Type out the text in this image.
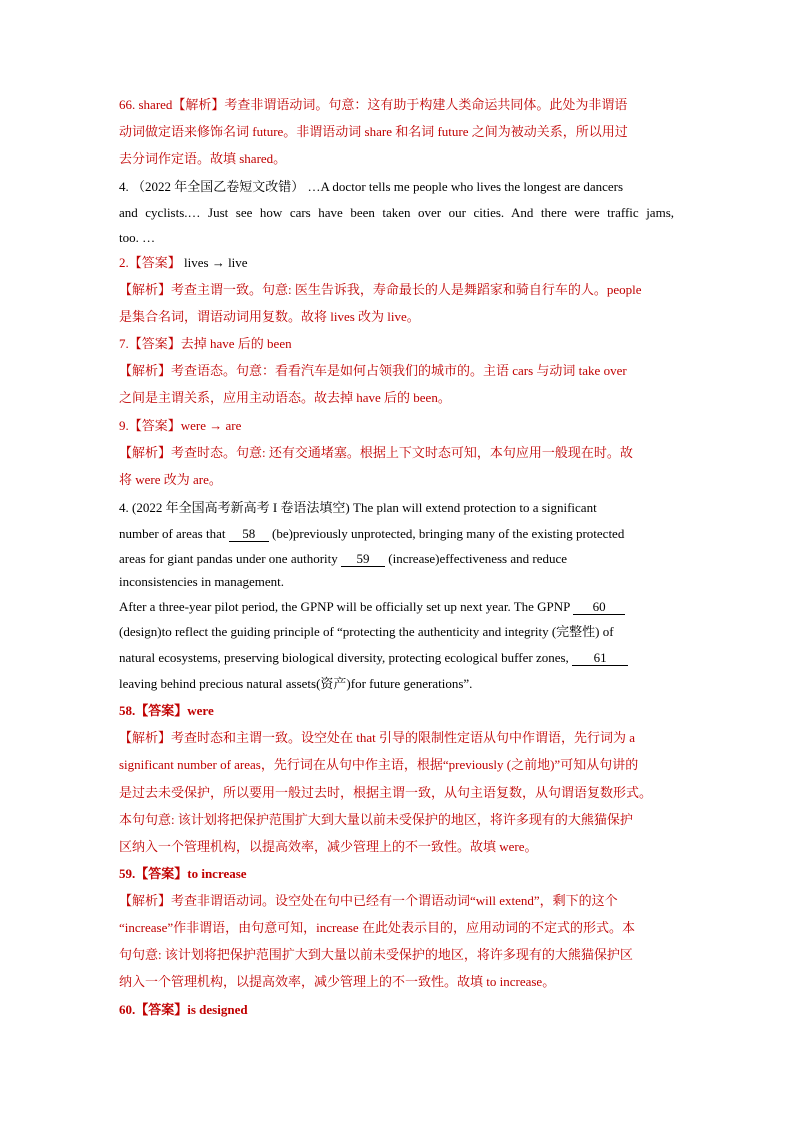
66. shared【解析】考查非谓语动词。句意：这有助于构建人类命运共同体。此处为非谓语
动词做定语来修饰名词 future。非谓语动词 share 和名词 future 之间为被动关系，所以用过
去分词作定语。故填 shared。
4. （2022 年全国乙卷短文改错） …A doctor tells me people who lives the longest are dancers
and cyclists.… Just see how cars have been taken over our cities. And there were traffic jams,
too. …
2.【答案】 lives → live
【解析】考查主谓一致。句意: 医生告诉我，寿命最长的人是舞蹈家和骑自行车的人。people
是集合名词，谓语动词用复数。故将 lives 改为 live。
7.【答案】去掉 have 后的 been
【解析】考查语态。句意：看看汽车是如何占领我们的城市的。主语 cars 与动词 take over
之间是主谓关系，应用主动语态。故去掉 have 后的 been。
9.【答案】were → are
【解析】考查时态。句意: 还有交通堵塞。根据上下文时态可知，本句应用一般现在时。故
将 were 改为 are。
4. (2022 年全国高考新高考 I 卷语法填空) The plan will extend protection to a significant
number of areas that 58 (be)previously unprotected, bringing many of the existing protected
areas for giant pandas under one authority 59 (increase)effectiveness and reduce
inconsistencies in management.
After a three-year pilot period, the GPNP will be officially set up next year. The GPNP 60
(design)to reflect the guiding principle of “protecting the authenticity and integrity (完整性) of
natural ecosystems, preserving biological diversity, protecting ecological buffer zones, 61
leaving behind precious natural assets(资产)for future generations”.
58.【答案】were
【解析】考查时态和主谓一致。设空处在 that 引导的限制性定语从句中作谓语，先行词为 a
significant number of areas，先行词在从句中作主语，根据“previously (之前地)”可知从句讲的
是过去未受保护，所以要用一般过去时，根据主谓一致，从句主语复数，从句谓语复数形式。
本句句意: 该计划将把保护范围扩大到大量以前未受保护的地区，将许多现有的大熊猫保护
区纳入一个管理机构，以提高效率，减少管理上的不一致性。故填 were。
59.【答案】to increase
【解析】考查非谓语动词。设空处在句中已经有一个谓语动词“will extend”，剩下的这个
“increase”作非谓语，由句意可知，increase 在此处表示目的，应用动词的不定式的形式。本
句句意: 该计划将把保护范围扩大到大量以前未受保护的地区，将许多现有的大熊猫保护区
纳入一个管理机构，以提高效率，减少管理上的不一致性。故填 to increase。
60.【答案】is designed
